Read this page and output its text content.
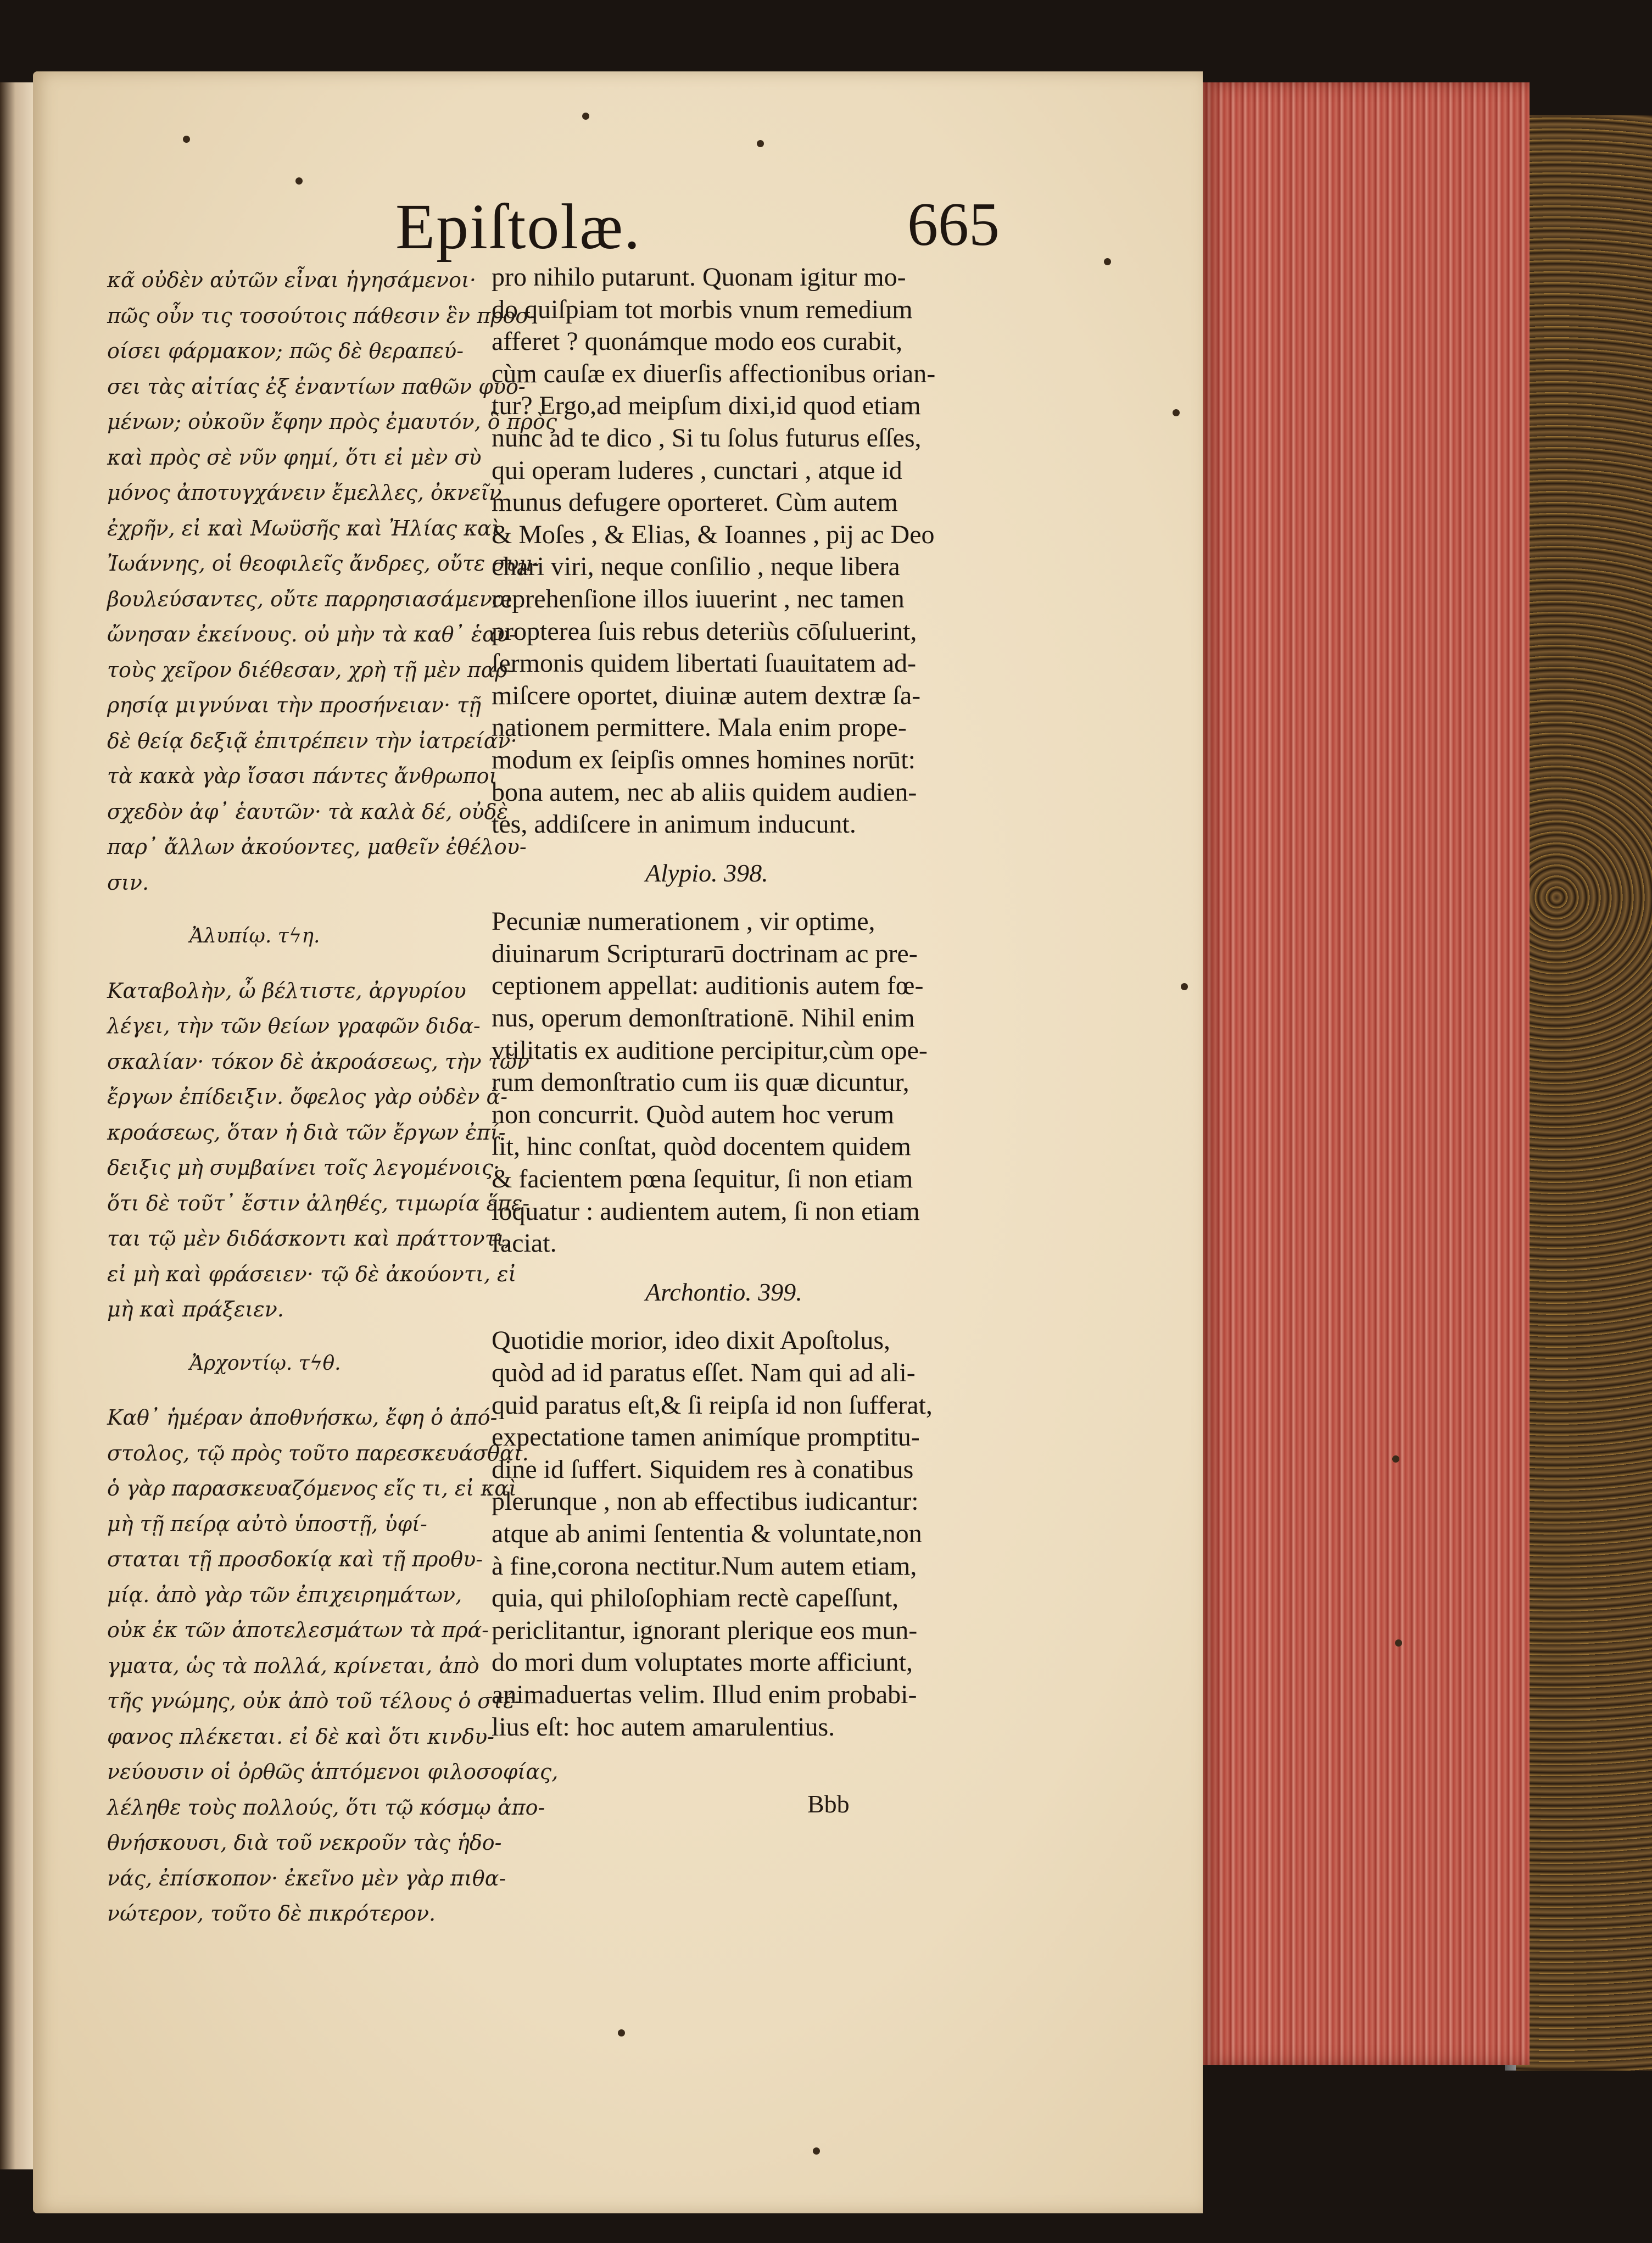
Epiſtolæ.	665
κα̃ οὐδὲν αὐτῶν εἶναι ἡγησάμενοι·
πῶς οὖν τις τοσούτοις πάθεσιν ἓν προσ-
οίσει φάρμακον; πῶς δὲ θεραπεύ-
σει τὰς αἰτίας ἐξ ἐναντίων παθῶν φυο-
μένων; οὐκοῦν ἔφην πρὸς ἐμαυτόν, ὃ πρὸς
καὶ πρὸς σὲ νῦν φημί, ὅτι εἰ μὲν σὺ
μόνος ἀποτυγχάνειν ἔμελλες, ὀκνεῖν
ἐχρῆν, εἰ καὶ Μωϋσῆς καὶ Ἠλίας καὶ
Ἰωάννης, οἱ θεοφιλεῖς ἄνδρες, οὔτε συμ-
βουλεύσαντες, οὔτε παρρησιασάμενοι
ὤνησαν ἐκείνους. οὐ μὴν τὰ καθ᾽ ἑαυ-
τοὺς χεῖρον διέθεσαν, χρὴ τῇ μὲν παρ-
ρησίᾳ μιγνύναι τὴν προσήνειαν· τῇ
δὲ θείᾳ δεξιᾷ ἐπιτρέπειν τὴν ἰατρείαν·
τὰ κακὰ γὰρ ἴσασι πάντες ἄνθρωποι
σχεδὸν ἀφ᾽ ἑαυτῶν· τὰ καλὰ δέ, οὐδὲ
παρ᾽ ἄλλων ἀκούοντες, μαθεῖν ἐθέλου-
σιν.
Ἀλυπίῳ. τϟη.
Καταβολὴν, ὦ βέλτιστε, ἀργυρίου
λέγει, τὴν τῶν θείων γραφῶν διδα-
σκαλίαν· τόκον δὲ ἀκροάσεως, τὴν τῶν
ἔργων ἐπίδειξιν. ὄφελος γὰρ οὐδὲν ἀ-
κροάσεως, ὅταν ἡ διὰ τῶν ἔργων ἐπί-
δειξις μὴ συμβαίνει τοῖς λεγομένοις·
ὅτι δὲ τοῦτ᾽ ἔστιν ἀληθές, τιμωρία ἕπε-
ται τῷ μὲν διδάσκοντι καὶ πράττοντι,
εἰ μὴ καὶ φράσειεν· τῷ δὲ ἀκούοντι, εἰ
μὴ καὶ πράξειεν.
Ἀρχοντίῳ. τϟθ.
Καθ᾽ ἡμέραν ἀποθνήσκω, ἔφη ὁ ἀπό-
στολος, τῷ πρὸς τοῦτο παρεσκευάσθαι.
ὁ γὰρ παρασκευαζόμενος εἴς τι, εἰ καὶ
μὴ τῇ πείρᾳ αὐτὸ ὑποστῇ, ὑφί-
σταται τῇ προσδοκίᾳ καὶ τῇ προθυ-
μίᾳ. ἀπὸ γὰρ τῶν ἐπιχειρημάτων,
οὐκ ἐκ τῶν ἀποτελεσμάτων τὰ πρά-
γματα, ὡς τὰ πολλά, κρίνεται, ἀπὸ
τῆς γνώμης, οὐκ ἀπὸ τοῦ τέλους ὁ στέ-
φανος πλέκεται. εἰ δὲ καὶ ὅτι κινδυ-
νεύουσιν οἱ ὀρθῶς ἁπτόμενοι φιλοσοφίας,
λέληθε τοὺς πολλούς, ὅτι τῷ κόσμῳ ἀπο-
θνήσκουσι, διὰ τοῦ νεκροῦν τὰς ἡδο-
νάς, ἐπίσκοπον· ἐκεῖνο μὲν γὰρ πιθα-
νώτερον, τοῦτο δὲ πικρότερον.
pro nihilo putarunt. Quonam igitur mo-
do quiſpiam tot morbis vnum remedium
afferet ? quonámque modo eos curabit,
cùm cauſæ ex diuerſis affectionibus orian-
tur? Ergo,ad meipſum dixi,id quod etiam
nunc ad te dico , Si tu ſolus futurus eſſes,
qui operam luderes , cunctari , atque id
munus defugere oporteret. Cùm autem
& Moſes , & Elias, & Ioannes , pij ac Deo
chari viri, neque conſilio , neque libera
reprehenſione illos iuuerint , nec tamen
propterea ſuis rebus deteriùs cōſuluerint,
ſermonis quidem libertati ſuauitatem ad-
miſcere oportet, diuinæ autem dextræ ſa-
nationem permittere. Mala enim prope-
modum ex ſeipſis omnes homines norūt:
bona autem, nec ab aliis quidem audien-
tes, addiſcere in animum inducunt.
Alypio. 398.
Pecuniæ numerationem , vir optime,
diuinarum Scripturarū doctrinam ac pre-
ceptionem appellat: auditionis autem fœ-
nus, operum demonſtrationē. Nihil enim
vtilitatis ex auditione percipitur,cùm ope-
rum demonſtratio cum iis quæ dicuntur,
non concurrit. Quòd autem hoc verum
ſit, hinc conſtat, quòd docentem quidem
& facientem pœna ſequitur, ſi non etiam
loquatur : audientem autem, ſi non etiam
faciat.
Archontio. 399.
Quotidie morior, ideo dixit Apoſtolus,
quòd ad id paratus eſſet. Nam qui ad ali-
quid paratus eſt,& ſi reipſa id non ſufferat,
expectatione tamen animíque promptitu-
dine id ſuffert. Siquidem res à conatibus
plerunque , non ab effectibus iudicantur:
atque ab animi ſententia & voluntate,non
à fine,corona nectitur.Num autem etiam,
quia, qui philoſophiam rectè capeſſunt,
periclitantur, ignorant plerique eos mun-
do mori dum voluptates morte afficiunt,
animaduertas velim. Illud enim probabi-
lius eſt: hoc autem amarulentius.
Bbb
